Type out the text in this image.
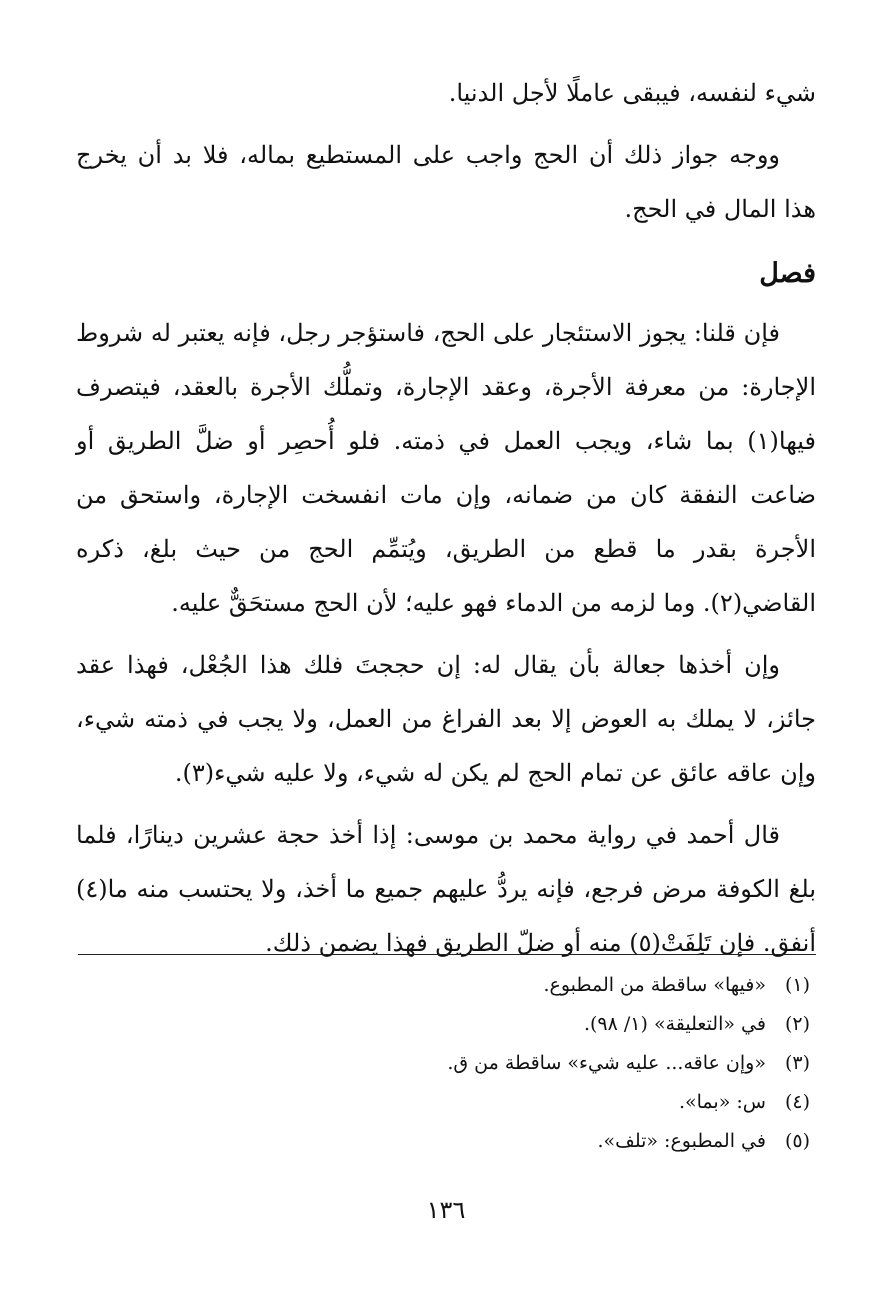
شيء لنفسه، فيبقى عاملًا لأجل الدنيا.

ووجه جواز ذلك أن الحج واجب على المستطيع بماله، فلا بد أن يخرج هذا المال في الحج.

فصل

فإن قلنا: يجوز الاستئجار على الحج، فاستؤجر رجل، فإنه يعتبر له شروط الإجارة: من معرفة الأجرة، وعقد الإجارة، وتملُّك الأجرة بالعقد، فيتصرف فيها(١) بما شاء، ويجب العمل في ذمته. فلو أُحصِر أو ضلَّ الطريق أو ضاعت النفقة كان من ضمانه، وإن مات انفسخت الإجارة، واستحق من الأجرة بقدر ما قطع من الطريق، ويُتمِّم الحج من حيث بلغ، ذكره القاضي(٢). وما لزمه من الدماء فهو عليه؛ لأن الحج مستحَقٌّ عليه.

وإن أخذها جعالة بأن يقال له: إن حججتَ فلك هذا الجُعْل، فهذا عقد جائز، لا يملك به العوض إلا بعد الفراغ من العمل، ولا يجب في ذمته شيء، وإن عاقه عائق عن تمام الحج لم يكن له شيء، ولا عليه شيء(٣).

قال أحمد في رواية محمد بن موسى: إذا أخذ حجة عشرين دينارًا، فلما بلغ الكوفة مرض فرجع، فإنه يردُّ عليهم جميع ما أخذ، ولا يحتسب منه ما(٤) أنفق. فإن تَلِفَتْ(٥) منه أو ضلّ الطريق فهذا يضمن ذلك.

(١) «فيها» ساقطة من المطبوع.
(٢) في «التعليقة» (١/ ٩٨).
(٣) «وإن عاقه... عليه شيء» ساقطة من ق.
(٤) س: «بما».
(٥) في المطبوع: «تلف».
١٣٦
